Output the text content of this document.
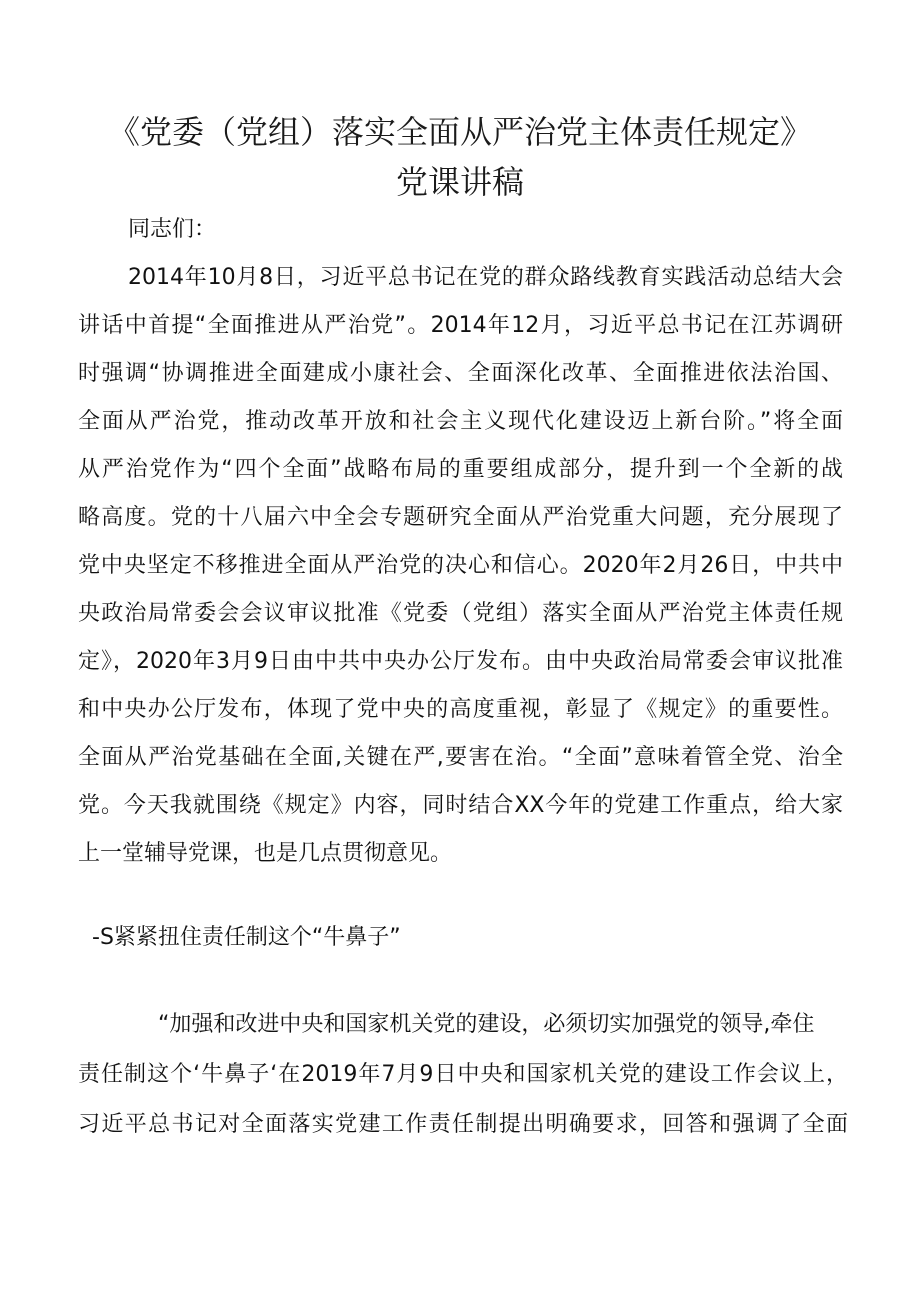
《党委（党组）落实全面从严治党主体责任规定》
党课讲稿
同志们：
2014年10月8日，习近平总书记在党的群众路线教育实践活动总结大会
讲话中首提“全面推进从严治党”。2014年12月，习近平总书记在江苏调研
时强调“协调推进全面建成小康社会、全面深化改革、全面推进依法治国、
全面从严治党，推动改革开放和社会主义现代化建设迈上新台阶。”将全面
从严治党作为“四个全面”战略布局的重要组成部分，提升到一个全新的战
略高度。党的十八届六中全会专题研究全面从严治党重大问题，充分展现了
党中央坚定不移推进全面从严治党的决心和信心。2020年2月26日，中共中
央政治局常委会会议审议批准《党委（党组）落实全面从严治党主体责任规
定》，2020年3月9日由中共中央办公厅发布。由中央政治局常委会审议批准
和中央办公厅发布，体现了党中央的高度重视，彰显了《规定》的重要性。
全面从严治党基础在全面,关键在严,要害在治。“全面”意味着管全党、治全
党。今天我就围绕《规定》内容，同时结合XX今年的党建工作重点，给大家
上一堂辅导党课，也是几点贯彻意见。
-S紧紧扭住责任制这个“牛鼻子”
“加强和改进中央和国家机关党的建设，必须切实加强党的领导,牵住
责任制这个‘牛鼻子‘在2019年7月9日中央和国家机关党的建设工作会议上，
习近平总书记对全面落实党建工作责任制提出明确要求，回答和强调了全面
